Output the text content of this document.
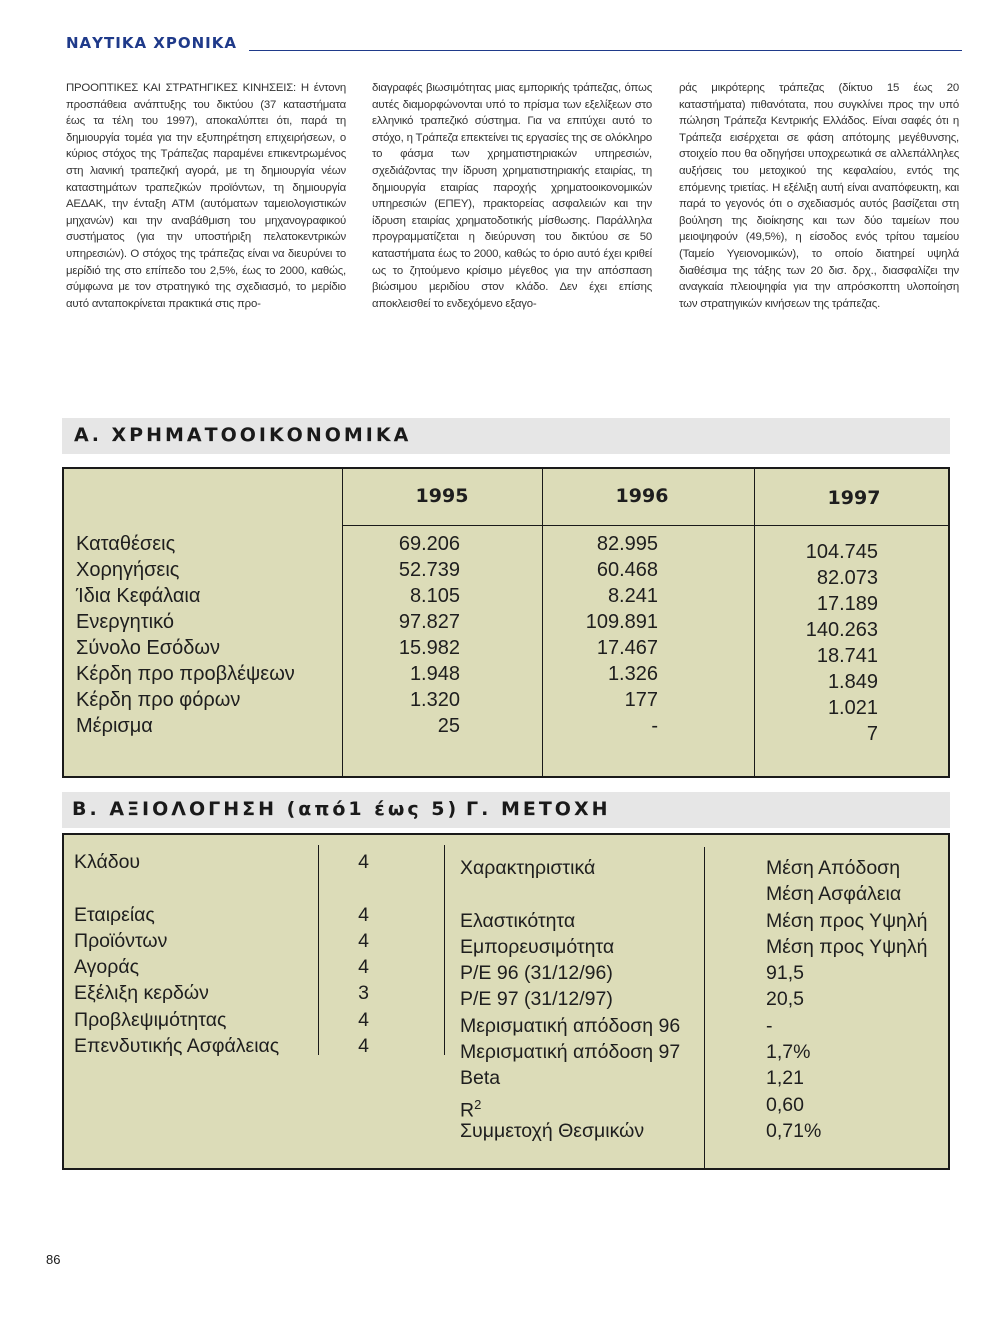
ΝΑΥΤΙΚΑ ΧΡΟΝΙΚΑ
ΠΡΟΟΠΤΙΚΕΣ ΚΑΙ ΣΤΡΑΤΗΓΙΚΕΣ ΚΙΝΗΣΕΙΣ: Η έντονη προσπάθεια ανάπτυξης του δικτύου (37 καταστήματα έως τα τέλη του 1997), αποκαλύπτει ότι, παρά τη δημιουργία τομέα για την εξυπηρέτηση επιχειρήσεων, ο κύριος στόχος της Τράπεζας παραμένει επικεντρωμένος στη λιανική τραπεζική αγορά, με τη δημιουργία νέων καταστημάτων τραπεζικών προϊόντων, τη δημιουργία ΑΕΔΑΚ, την ένταξη ATM (αυτόματων ταμειολογιστικών μηχανών) και την αναβάθμιση του μηχανογραφικού συστήματος (για την υποστήριξη πελατοκεντρικών υπηρεσιών). Ο στόχος της τράπεζας είναι να διευρύνει το μερίδιό της στο επίπεδο του 2,5%, έως το 2000, καθώς, σύμφωνα με τον στρατηγικό της σχεδιασμό, το μερίδιο αυτό ανταποκρίνεται πρακτικά στις προ-
διαγραφές βιωσιμότητας μιας εμπορικής τράπεζας, όπως αυτές διαμορφώνονται υπό το πρίσμα των εξελίξεων στο ελληνικό τραπεζικό σύστημα. Για να επιτύχει αυτό το στόχο, η Τράπεζα επεκτείνει τις εργασίες της σε ολόκληρο το φάσμα των χρηματιστηριακών υπηρεσιών, σχεδιάζοντας την ίδρυση χρηματιστηριακής εταιρίας, τη δημιουργία εταιρίας παροχής χρηματοοικονομικών υπηρεσιών (ΕΠΕΥ), πρακτορείας ασφαλειών και την ίδρυση εταιρίας χρηματοδοτικής μίσθωσης. Παράλληλα προγραμματίζεται η διεύρυνση του δικτύου σε 50 καταστήματα έως το 2000, καθώς το όριο αυτό έχει κριθεί ως το ζητούμενο κρίσιμο μέγεθος για την απόσπαση βιώσιμου μεριδίου στον κλάδο. Δεν έχει επίσης αποκλεισθεί το ενδεχόμενο εξαγο-
ράς μικρότερης τράπεζας (δίκτυο 15 έως 20 καταστήματα) πιθανότατα, που συγκλίνει προς την υπό πώληση Τράπεζα Κεντρικής Ελλάδος. Είναι σαφές ότι η Τράπεζα εισέρχεται σε φάση απότομης μεγέθυνσης, στοιχείο που θα οδηγήσει υποχρεωτικά σε αλλεπάλληλες αυξήσεις του μετοχικού της κεφαλαίου, εντός της επόμενης τριετίας. Η εξέλιξη αυτή είναι αναπόφευκτη, και παρά το γεγονός ότι ο σχεδιασμός αυτός βασίζεται στη βούληση της διοίκησης και των δύο ταμείων που μειοψηφούν (49,5%), η είσοδος ενός τρίτου ταμείου (Ταμείο Υγειονομικών), το οποίο διατηρεί υψηλά διαθέσιμα της τάξης των 20 δισ. δρχ., διασφαλίζει την αναγκαία πλειοψηφία για την απρόσκοπτη υλοποίηση των στρατηγικών κινήσεων της τράπεζας.
Α. ΧΡΗΜΑΤΟΟΙΚΟΝΟΜΙΚΑ
1995	1996	1997
Καταθέσεις
Χορηγήσεις
Ίδια Κεφάλαια
Ενεργητικό
Σύνολο Εσόδων
Κέρδη προ προβλέψεων
Κέρδη προ φόρων
Μέρισμα
69.206
52.739
8.105
97.827
15.982
1.948
1.320
25
82.995
60.468
8.241
109.891
17.467
1.326
177
-
104.745
82.073
17.189
140.263
18.741
1.849
1.021
7
Β. ΑΞΙΟΛΟΓΗΣΗ (από1 έως 5) Γ. ΜΕΤΟΧΗ
Κλάδου
Εταιρείας
Προϊόντων
Αγοράς
Εξέλιξη κερδών
Προβλεψιμότητας
Επενδυτικής Ασφάλειας
4
4
4
4
3
4
4
Χαρακτηριστικά
Ελαστικότητα
Εμπορευσιμότητα
P/E 96 (31/12/96)
P/E 97 (31/12/97)
Μερισματική απόδοση 96
Μερισματική απόδοση 97
Beta
$R^2$
Συμμετοχή Θεσμικών
Μέση Απόδοση
Μέση Ασφάλεια
Μέση προς Υψηλή
Μέση προς Υψηλή
91,5
20,5
-
1,7%
1,21
0,60
0,71%
86
